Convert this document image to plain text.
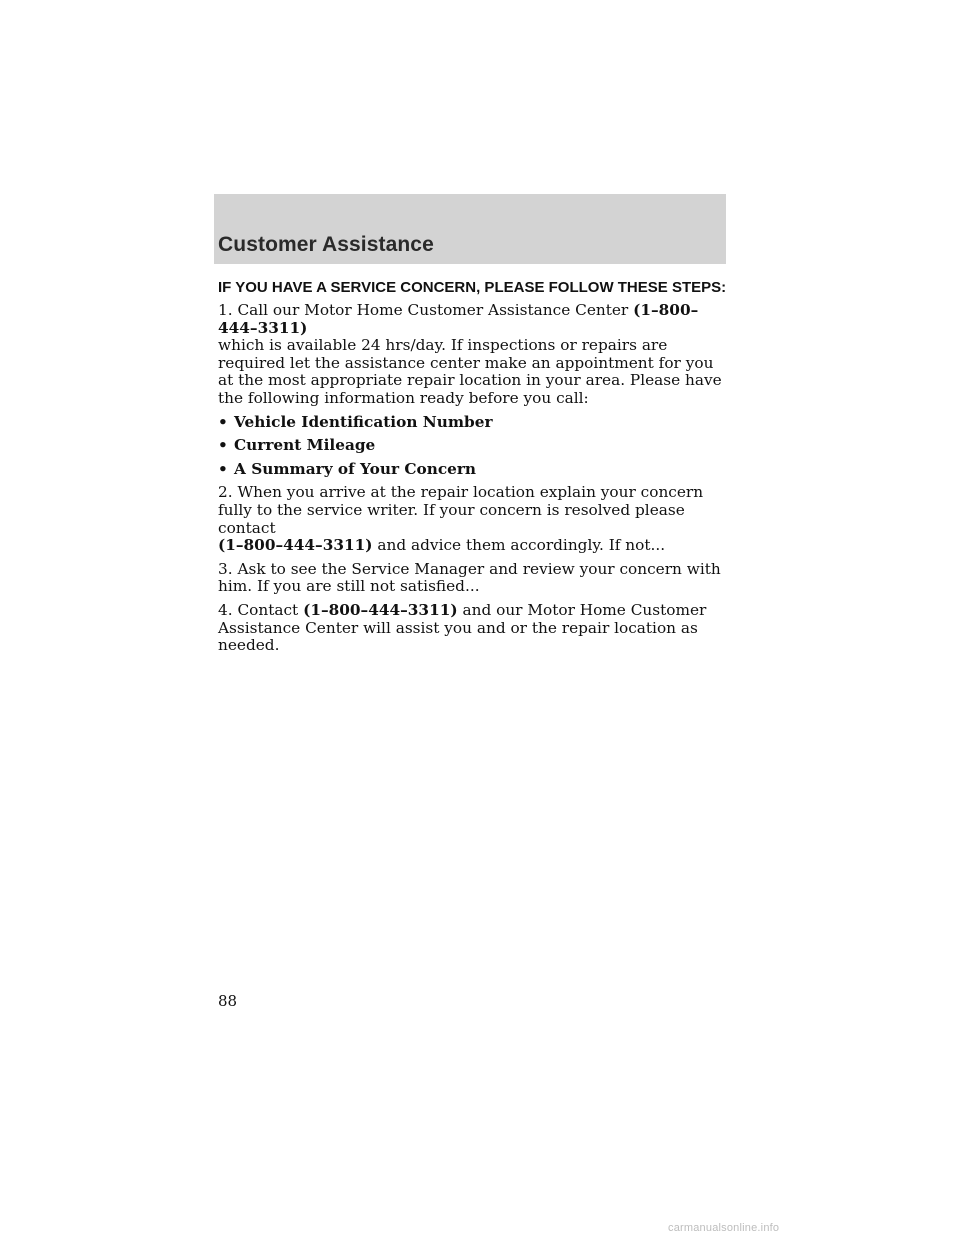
Customer Assistance

IF YOU HAVE A SERVICE CONCERN, PLEASE FOLLOW THESE STEPS:

1. Call our Motor Home Customer Assistance Center (1–800–444–3311)
which is available 24 hrs/day. If inspections or repairs are required let the assistance center make an appointment for you at the most appropriate repair location in your area. Please have the following information ready before you call:

• Vehicle Identification Number
• Current Mileage
• A Summary of Your Concern

2. When you arrive at the repair location explain your concern fully to the service writer. If your concern is resolved please contact
(1–800–444–3311) and advice them accordingly. If not...

3. Ask to see the Service Manager and review your concern with him. If you are still not satisfied...

4. Contact (1–800–444–3311) and our Motor Home Customer Assistance Center will assist you and or the repair location as needed.

88
carmanualsonline.info
